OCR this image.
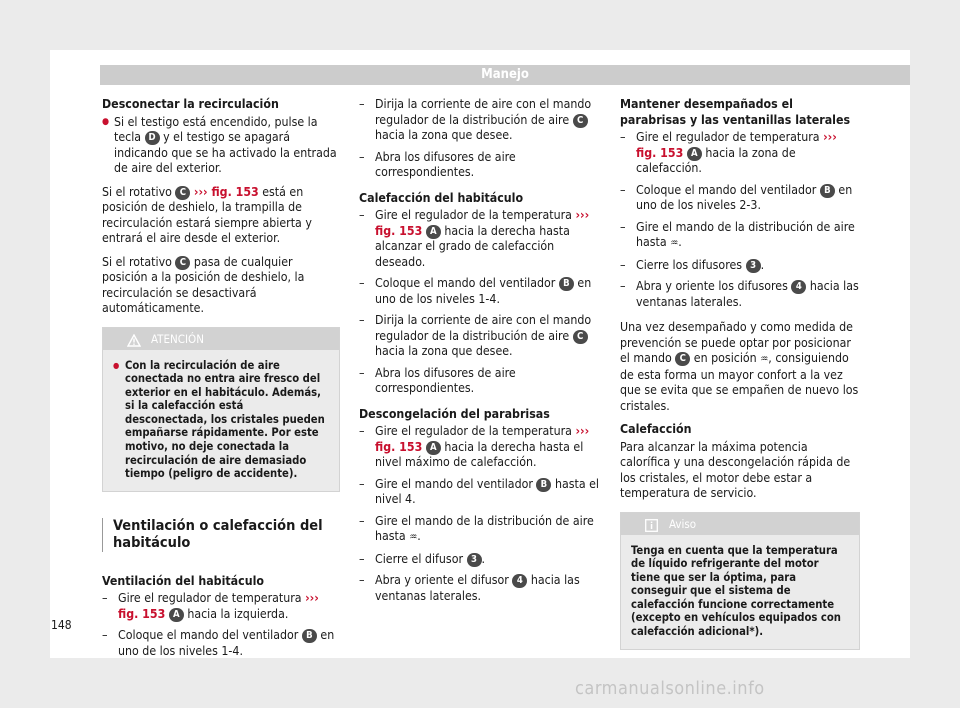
Manejo

Desconectar la recirculación

● Si el testigo está encendido, pulse la tecla D y el testigo se apagará indicando que se ha activado la entrada de aire del exterior.

Si el rotativo C ››› fig. 153 está en posición de deshielo, la trampilla de recirculación estará siempre abierta y entrará el aire desde el exterior.

Si el rotativo C pasa de cualquier posición a la posición de deshielo, la recirculación se desactivará automáticamente.

ATENCIÓN

● Con la recirculación de aire conectada no entra aire fresco del exterior en el habitáculo. Además, si la calefacción está desconectada, los cristales pueden empañarse rápidamente. Por este motivo, no deje conectada la recirculación de aire demasiado tiempo (peligro de accidente).

Ventilación o calefacción del habitáculo

Ventilación del habitáculo

– Gire el regulador de temperatura ››› fig. 153 A hacia la izquierda.
– Coloque el mando del ventilador B en uno de los niveles 1-4.
– Dirija la corriente de aire con el mando regulador de la distribución de aire C hacia la zona que desee.
– Abra los difusores de aire correspondientes.

Calefacción del habitáculo

– Gire el regulador de la temperatura ››› fig. 153 A hacia la derecha hasta alcanzar el grado de calefacción deseado.
– Coloque el mando del ventilador B en uno de los niveles 1-4.
– Dirija la corriente de aire con el mando regulador de la distribución de aire C hacia la zona que desee.
– Abra los difusores de aire correspondientes.

Descongelación del parabrisas

– Gire el regulador de la temperatura ››› fig. 153 A hacia la derecha hasta el nivel máximo de calefacción.
– Gire el mando del ventilador B hasta el nivel 4.
– Gire el mando de la distribución de aire hasta ♒.
– Cierre el difusor 3 .
– Abra y oriente el difusor 4 hacia las ventanas laterales.

Mantener desempañados el parabrisas y las ventanillas laterales

– Gire el regulador de temperatura ››› fig. 153 A hacia la zona de calefacción.
– Coloque el mando del ventilador B en uno de los niveles 2-3.
– Gire el mando de la distribución de aire hasta ♒.
– Cierre los difusores 3 .
– Abra y oriente los difusores 4 hacia las ventanas laterales.

Una vez desempañado y como medida de prevención se puede optar por posicionar el mando C en posición ♒, consiguiendo de esta forma un mayor confort a la vez que se evita que se empañen de nuevo los cristales.

Calefacción

Para alcanzar la máxima potencia calorífica y una descongelación rápida de los cristales, el motor debe estar a temperatura de servicio.

Aviso
Tenga en cuenta que la temperatura de líquido refrigerante del motor tiene que ser la óptima, para conseguir que el sistema de calefacción funcione correctamente (excepto en vehículos equipados con calefacción adicional*).
148
carmanualsonline.info
